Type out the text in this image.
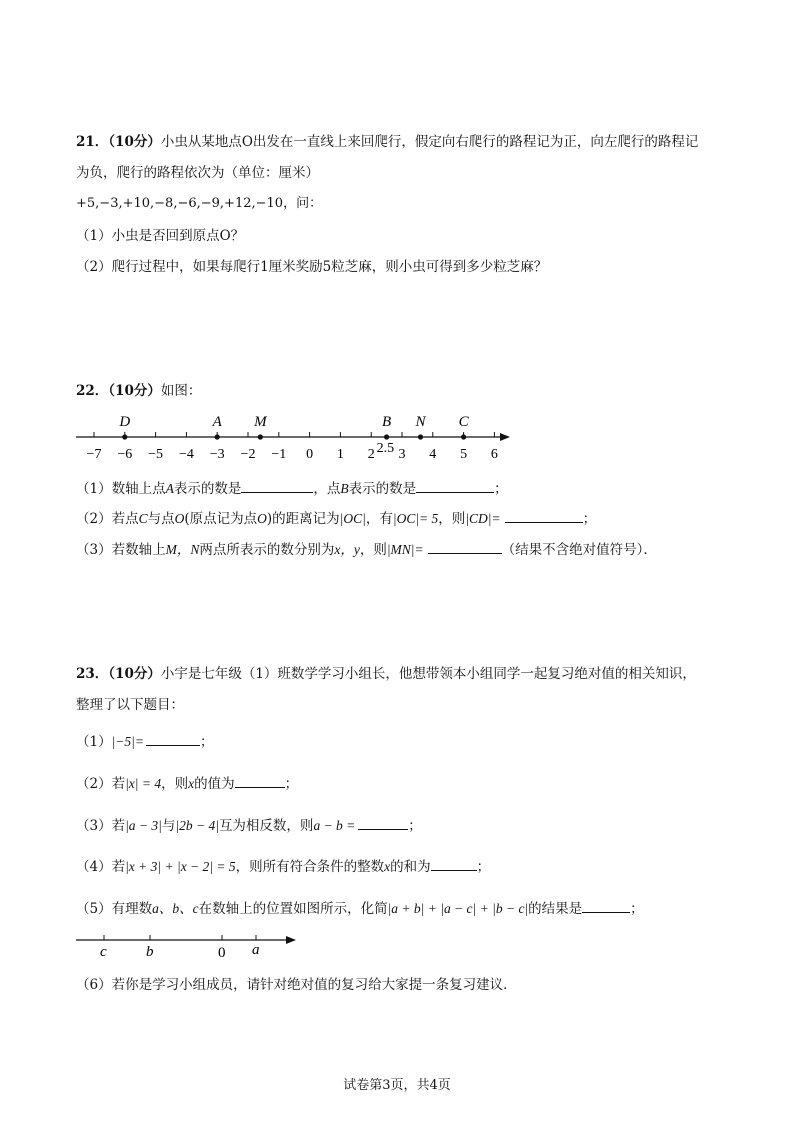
21．（10分）小虫从某地点O出发在一直线上来回爬行，假定向右爬行的路程记为正，向左爬行的路程记
为负，爬行的路程依次为（单位：厘米）
+5,−3,+10,−8,−6,−9,+12,−10，问：
（1）小虫是否回到原点O？
（2）爬行过程中，如果每爬行1厘米奖励5粒芝麻，则小虫可得到多少粒芝麻？
22．（10分）如图：
−7 −6 −5 −4 −3 −2 −1 0 1 2 3 4 5 6
D	A M	B N C
2.5
（1）数轴上点A表示的数是	，点B表示的数是	；
（2）若点C与点O(原点记为点O)的距离记为|OC|，有|OC|= 5，则|CD|=	；
（3）若数轴上M，N两点所表示的数分别为x，y，则|MN|=	（结果不含绝对值符号）．
23．（10分）小宇是七年级（1）班数学学习小组长，他想带领本小组同学一起复习绝对值的相关知识，
整理了以下题目：
（1）|−5|=	；
（2）若|x| = 4，则x的值为	；
（3）若|a − 3|与|2b − 4|互为相反数，则a − b =	；
（4）若|x + 3| + |x − 2| = 5，则所有符合条件的整数x的和为	；
（5）有理数a、b、c在数轴上的位置如图所示，化简|a + b| + |a − c| + |b − c|的结果是	；
c	b	0 a
（6）若你是学习小组成员，请针对绝对值的复习给大家提一条复习建议．
试卷第3页，共4页
